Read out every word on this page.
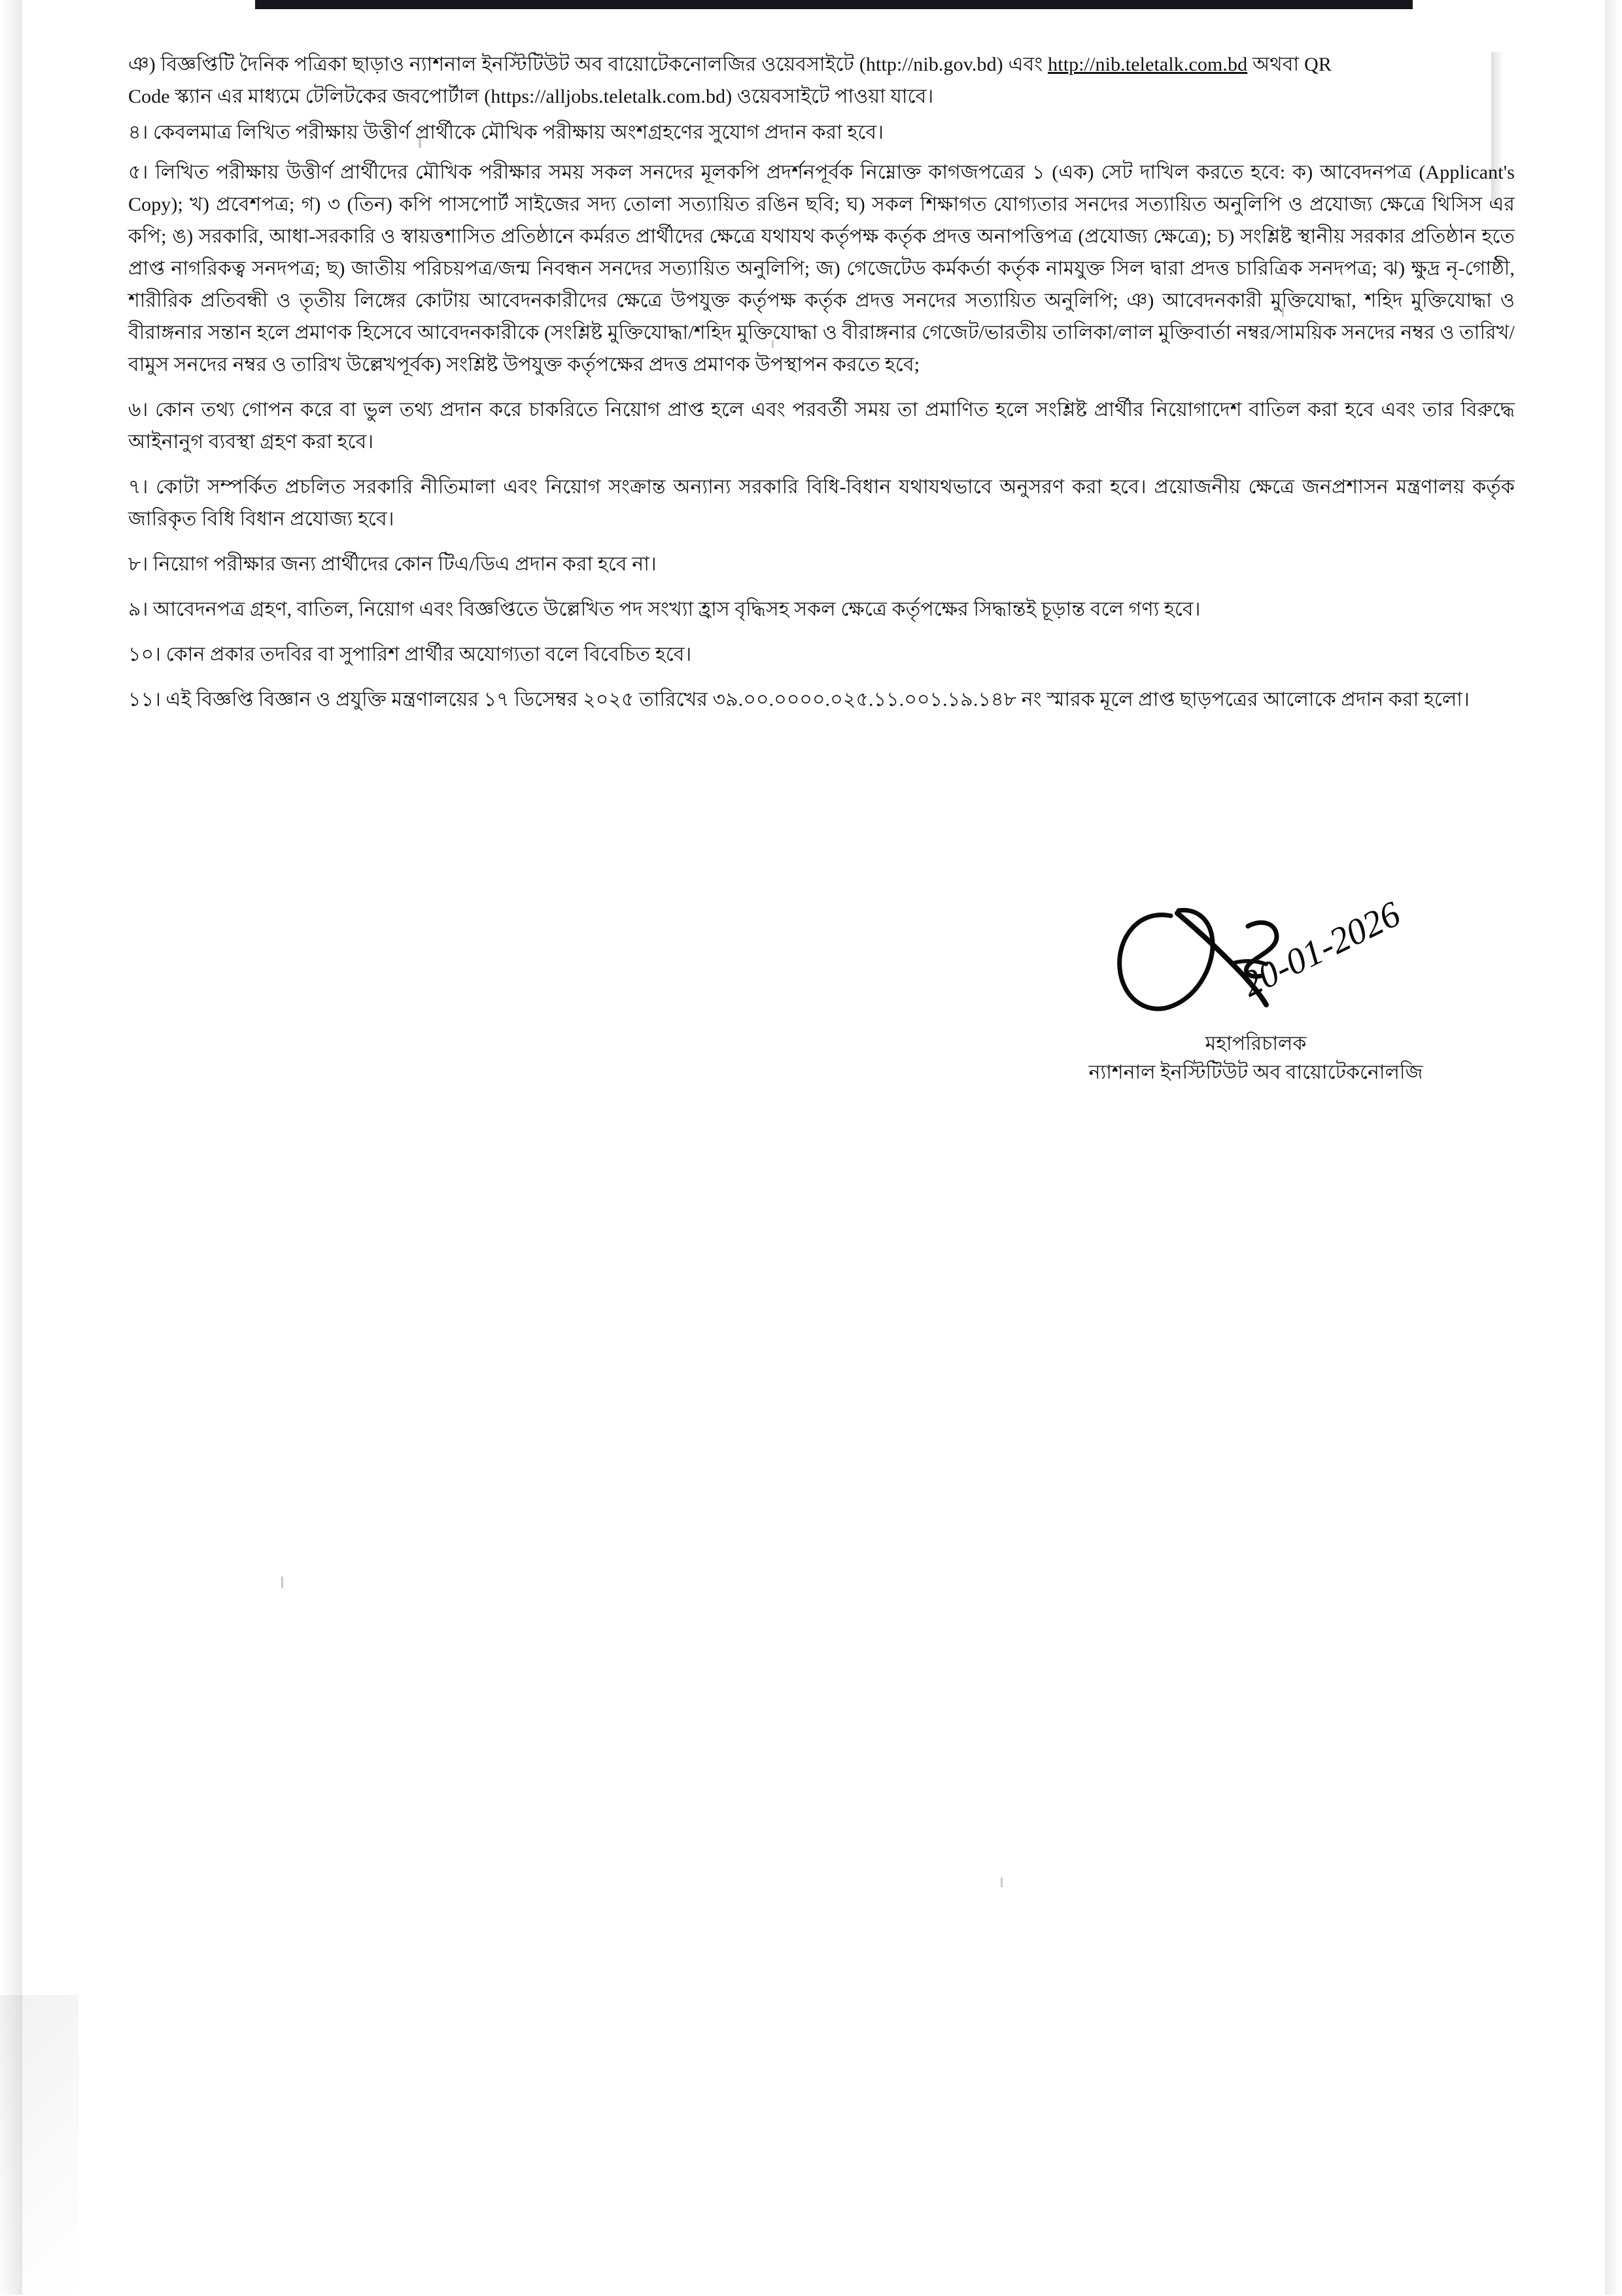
ঞ) বিজ্ঞপ্তিটি দৈনিক পত্রিকা ছাড়াও ন্যাশনাল ইনস্টিটিউট অব বায়োটেকনোলজির ওয়েবসাইটে (http://nib.gov.bd) এবং http://nib.teletalk.com.bd অথবা QR Code স্ক্যান এর মাধ্যমে টেলিটকের জবপোর্টাল (https://alljobs.teletalk.com.bd) ওয়েবসাইটে পাওয়া যাবে।

৪। কেবলমাত্র লিখিত পরীক্ষায় উত্তীর্ণ প্রার্থীকে মৌখিক পরীক্ষায় অংশগ্রহণের সুযোগ প্রদান করা হবে।

৫। লিখিত পরীক্ষায় উত্তীর্ণ প্রার্থীদের মৌখিক পরীক্ষার সময় সকল সনদের মূলকপি প্রদর্শনপূর্বক নিম্নোক্ত কাগজপত্রের ১ (এক) সেট দাখিল করতে হবে: ক) আবেদনপত্র (Applicant's Copy); খ) প্রবেশপত্র; গ) ৩ (তিন) কপি পাসপোর্ট সাইজের সদ্য তোলা সত্যায়িত রঙিন ছবি; ঘ) সকল শিক্ষাগত যোগ্যতার সনদের সত্যায়িত অনুলিপি ও প্রযোজ্য ক্ষেত্রে থিসিস এর কপি; ঙ) সরকারি, আধা-সরকারি ও স্বায়ত্তশাসিত প্রতিষ্ঠানে কর্মরত প্রার্থীদের ক্ষেত্রে যথাযথ কর্তৃপক্ষ কর্তৃক প্রদত্ত অনাপত্তিপত্র (প্রযোজ্য ক্ষেত্রে); চ) সংশ্লিষ্ট স্থানীয় সরকার প্রতিষ্ঠান হতে প্রাপ্ত নাগরিকত্ব সনদপত্র; ছ) জাতীয় পরিচয়পত্র/জন্ম নিবন্ধন সনদের সত্যায়িত অনুলিপি; জ) গেজেটেড কর্মকর্তা কর্তৃক নামযুক্ত সিল দ্বারা প্রদত্ত চারিত্রিক সনদপত্র; ঝ) ক্ষুদ্র নৃ-গোষ্ঠী, শারীরিক প্রতিবন্ধী ও তৃতীয় লিঙ্গের কোটায় আবেদনকারীদের ক্ষেত্রে উপযুক্ত কর্তৃপক্ষ কর্তৃক প্রদত্ত সনদের সত্যায়িত অনুলিপি; ঞ) আবেদনকারী মুক্তিযোদ্ধা, শহিদ মুক্তিযোদ্ধা ও বীরাঙ্গনার সন্তান হলে প্রমাণক হিসেবে আবেদনকারীকে (সংশ্লিষ্ট মুক্তিযোদ্ধা/শহিদ মুক্তিযোদ্ধা ও বীরাঙ্গনার গেজেট/ভারতীয় তালিকা/লাল মুক্তিবার্তা নম্বর/সাময়িক সনদের নম্বর ও তারিখ/বামুস সনদের নম্বর ও তারিখ উল্লেখপূর্বক) সংশ্লিষ্ট উপযুক্ত কর্তৃপক্ষের প্রদত্ত প্রমাণক উপস্থাপন করতে হবে;

৬। কোন তথ্য গোপন করে বা ভুল তথ্য প্রদান করে চাকরিতে নিয়োগ প্রাপ্ত হলে এবং পরবর্তী সময় তা প্রমাণিত হলে সংশ্লিষ্ট প্রার্থীর নিয়োগাদেশ বাতিল করা হবে এবং তার বিরুদ্ধে আইনানুগ ব্যবস্থা গ্রহণ করা হবে।

৭। কোটা সম্পর্কিত প্রচলিত সরকারি নীতিমালা এবং নিয়োগ সংক্রান্ত অন্যান্য সরকারি বিধি-বিধান যথাযথভাবে অনুসরণ করা হবে। প্রয়োজনীয় ক্ষেত্রে জনপ্রশাসন মন্ত্রণালয় কর্তৃক জারিকৃত বিধি বিধান প্রযোজ্য হবে।

৮। নিয়োগ পরীক্ষার জন্য প্রার্থীদের কোন টিএ/ডিএ প্রদান করা হবে না।

৯। আবেদনপত্র গ্রহণ, বাতিল, নিয়োগ এবং বিজ্ঞপ্তিতে উল্লেখিত পদ সংখ্যা হ্রাস বৃদ্ধিসহ সকল ক্ষেত্রে কর্তৃপক্ষের সিদ্ধান্তই চূড়ান্ত বলে গণ্য হবে।

১০। কোন প্রকার তদবির বা সুপারিশ প্রার্থীর অযোগ্যতা বলে বিবেচিত হবে।

১১। এই বিজ্ঞপ্তি বিজ্ঞান ও প্রযুক্তি মন্ত্রণালয়ের ১৭ ডিসেম্বর ২০২৫ তারিখের ৩৯.০০.০০০০.০২৫.১১.০০১.১৯.১৪৮ নং স্মারক মূলে প্রাপ্ত ছাড়পত্রের আলোকে প্রদান করা হলো।

20-01-2026
মহাপরিচালক
ন্যাশনাল ইনস্টিটিউট অব বায়োটেকনোলজি
